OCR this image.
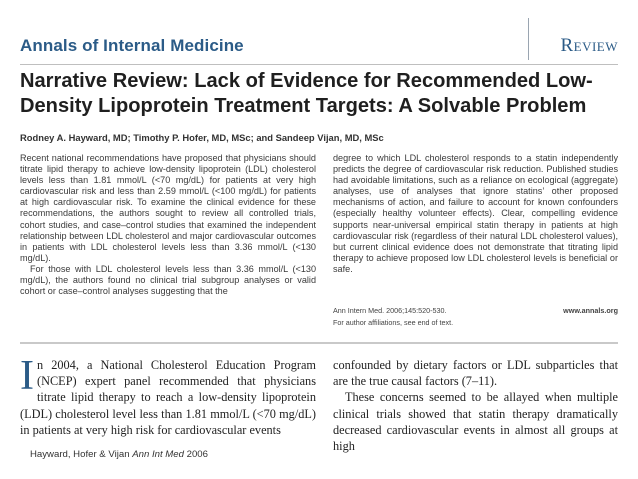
Annals of Internal Medicine	Review
Narrative Review: Lack of Evidence for Recommended Low-Density Lipoprotein Treatment Targets: A Solvable Problem
Rodney A. Hayward, MD; Timothy P. Hofer, MD, MSc; and Sandeep Vijan, MD, MSc

Recent national recommendations have proposed that physicians should titrate lipid therapy to achieve low-density lipoprotein (LDL) cholesterol levels less than 1.81 mmol/L (<70 mg/dL) for patients at very high cardiovascular risk and less than 2.59 mmol/L (<100 mg/dL) for patients at high cardiovascular risk. To examine the clinical evidence for these recommendations, the authors sought to review all controlled trials, cohort studies, and case–control studies that examined the independent relationship between LDL cholesterol and major cardiovascular outcomes in patients with LDL cholesterol levels less than 3.36 mmol/L (<130 mg/dL).

For those with LDL cholesterol levels less than 3.36 mmol/L (<130 mg/dL), the authors found no clinical trial subgroup analyses or valid cohort or case–control analyses suggesting that the

degree to which LDL cholesterol responds to a statin independently predicts the degree of cardiovascular risk reduction. Published studies had avoidable limitations, such as a reliance on ecological (aggregate) analyses, use of analyses that ignore statins’ other proposed mechanisms of action, and failure to account for known confounders (especially healthy volunteer effects). Clear, compelling evidence supports near-universal empirical statin therapy in patients at high cardiovascular risk (regardless of their natural LDL cholesterol values), but current clinical evidence does not demonstrate that titrating lipid therapy to achieve proposed low LDL cholesterol levels is beneficial or safe.

Ann Intern Med. 2006;145:520-530.	www.annals.org
For author affiliations, see end of text.
In 2004, a National Cholesterol Education Program (NCEP) expert panel recommended that physicians titrate lipid therapy to reach a low-density lipoprotein (LDL) cholesterol level less than 1.81 mmol/L (<70 mg/dL) in patients at very high risk for cardiovascular events

confounded by dietary factors or LDL subparticles that are the true causal factors (7–11).

These concerns seemed to be allayed when multiple clinical trials showed that statin therapy dramatically decreased cardiovascular events in almost all groups at high

Hayward, Hofer & Vijan Ann Int Med 2006
